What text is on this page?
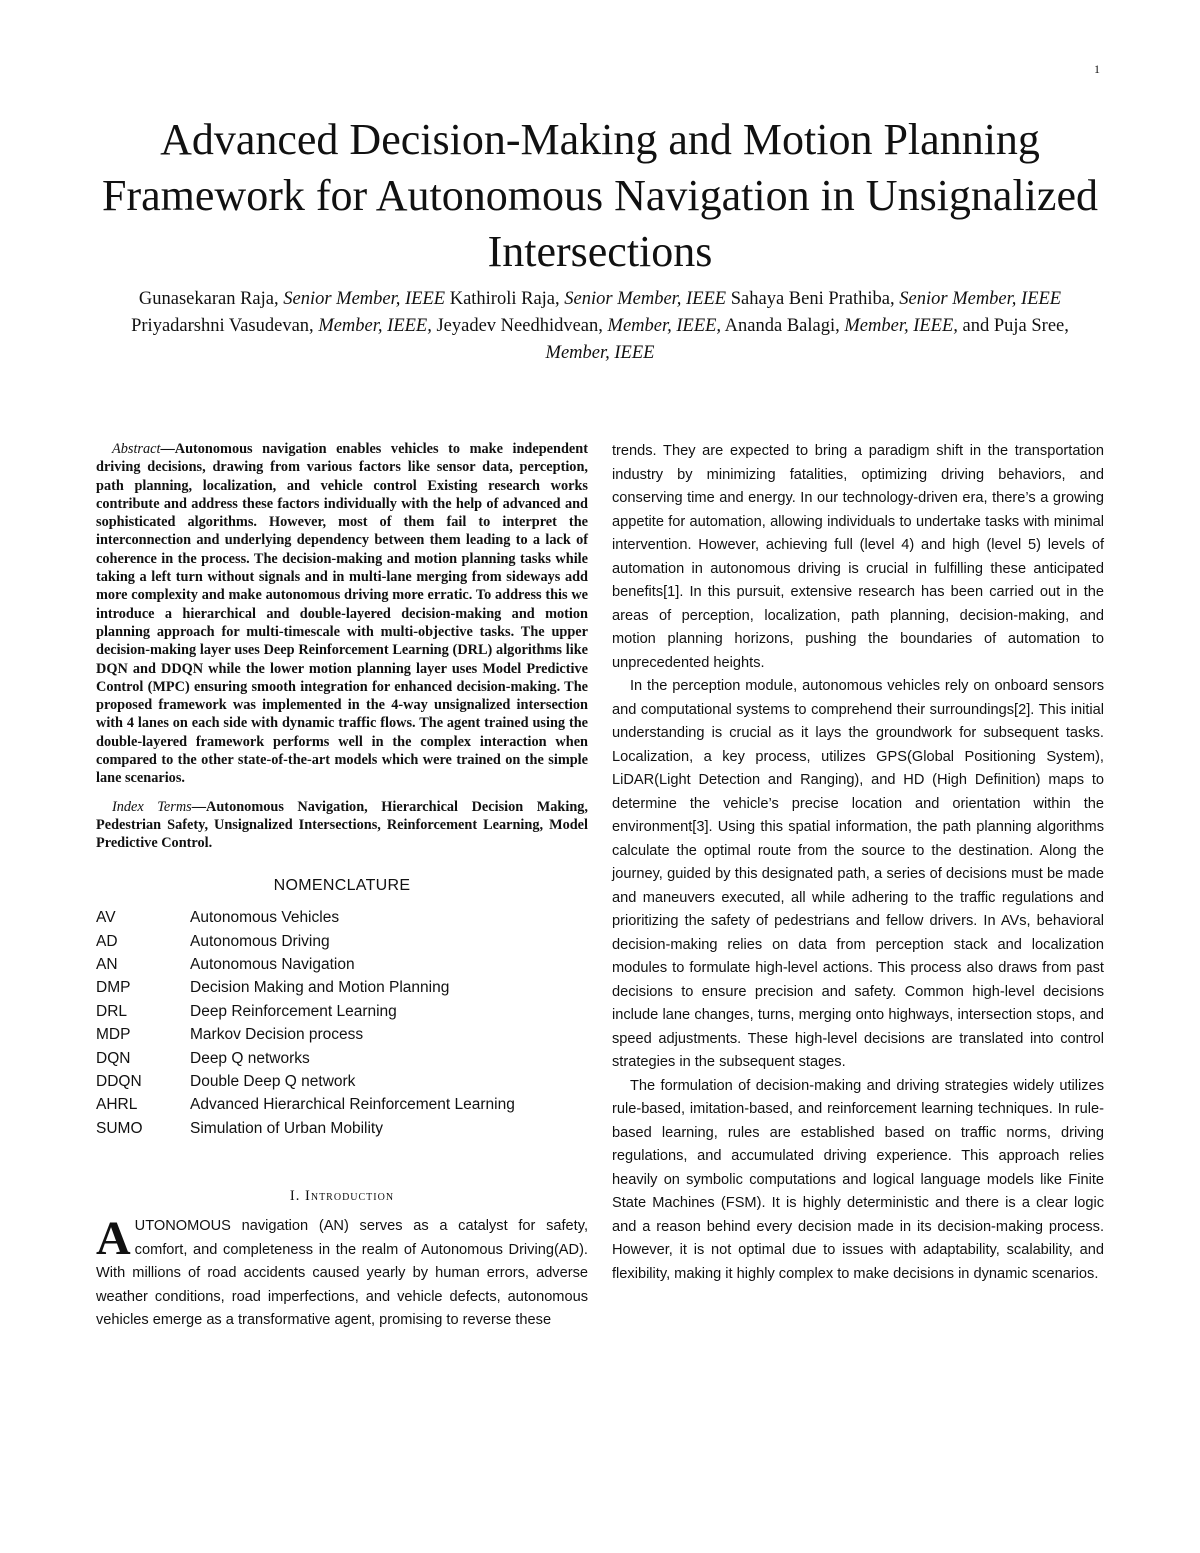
1
Advanced Decision-Making and Motion Planning Framework for Autonomous Navigation in Unsignalized Intersections
Gunasekaran Raja, Senior Member, IEEE Kathiroli Raja, Senior Member, IEEE Sahaya Beni Prathiba, Senior Member, IEEE Priyadarshni Vasudevan, Member, IEEE, Jeyadev Needhidvean, Member, IEEE, Ananda Balagi, Member, IEEE, and Puja Sree, Member, IEEE

Abstract—Autonomous navigation enables vehicles to make independent driving decisions, drawing from various factors like sensor data, perception, path planning, localization, and vehicle control Existing research works contribute and address these factors individually with the help of advanced and sophisticated algorithms. However, most of them fail to interpret the interconnection and underlying dependency between them leading to a lack of coherence in the process. The decision-making and motion planning tasks while taking a left turn without signals and in multi-lane merging from sideways add more complexity and make autonomous driving more erratic. To address this we introduce a hierarchical and double-layered decision-making and motion planning approach for multi-timescale with multi-objective tasks. The upper decision-making layer uses Deep Reinforcement Learning (DRL) algorithms like DQN and DDQN while the lower motion planning layer uses Model Predictive Control (MPC) ensuring smooth integration for enhanced decision-making. The proposed framework was implemented in the 4-way unsignalized intersection with 4 lanes on each side with dynamic traffic flows. The agent trained using the double-layered framework performs well in the complex interaction when compared to the other state-of-the-art models which were trained on the simple lane scenarios.

Index Terms—Autonomous Navigation, Hierarchical Decision Making, Pedestrian Safety, Unsignalized Intersections, Reinforcement Learning, Model Predictive Control.

NOMENCLATURE
AV	Autonomous Vehicles
AD	Autonomous Driving
AN	Autonomous Navigation
DMP	Decision Making and Motion Planning
DRL	Deep Reinforcement Learning
MDP	Markov Decision process
DQN	Deep Q networks
DDQN	Double Deep Q network
AHRL	Advanced Hierarchical Reinforcement Learning
SUMO	Simulation of Urban Mobility
I. Introduction

AUTONOMOUS navigation (AN) serves as a catalyst for safety, comfort, and completeness in the realm of Autonomous Driving(AD). With millions of road accidents caused yearly by human errors, adverse weather conditions, road imperfections, and vehicle defects, autonomous vehicles emerge as a transformative agent, promising to reverse these

trends. They are expected to bring a paradigm shift in the transportation industry by minimizing fatalities, optimizing driving behaviors, and conserving time and energy. In our technology-driven era, there’s a growing appetite for automation, allowing individuals to undertake tasks with minimal intervention. However, achieving full (level 4) and high (level 5) levels of automation in autonomous driving is crucial in fulfilling these anticipated benefits[1]. In this pursuit, extensive research has been carried out in the areas of perception, localization, path planning, decision-making, and motion planning horizons, pushing the boundaries of automation to unprecedented heights.

In the perception module, autonomous vehicles rely on onboard sensors and computational systems to comprehend their surroundings[2]. This initial understanding is crucial as it lays the groundwork for subsequent tasks. Localization, a key process, utilizes GPS(Global Positioning System), LiDAR(Light Detection and Ranging), and HD (High Definition) maps to determine the vehicle’s precise location and orientation within the environment[3]. Using this spatial information, the path planning algorithms calculate the optimal route from the source to the destination. Along the journey, guided by this designated path, a series of decisions must be made and maneuvers executed, all while adhering to the traffic regulations and prioritizing the safety of pedestrians and fellow drivers. In AVs, behavioral decision-making relies on data from perception stack and localization modules to formulate high-level actions. This process also draws from past decisions to ensure precision and safety. Common high-level decisions include lane changes, turns, merging onto highways, intersection stops, and speed adjustments. These high-level decisions are translated into control strategies in the subsequent stages.

The formulation of decision-making and driving strategies widely utilizes rule-based, imitation-based, and reinforcement learning techniques. In rule-based learning, rules are established based on traffic norms, driving regulations, and accumulated driving experience. This approach relies heavily on symbolic computations and logical language models like Finite State Machines (FSM). It is highly deterministic and there is a clear logic and a reason behind every decision made in its decision-making process. However, it is not optimal due to issues with adaptability, scalability, and flexibility, making it highly complex to make decisions in dynamic scenarios.
